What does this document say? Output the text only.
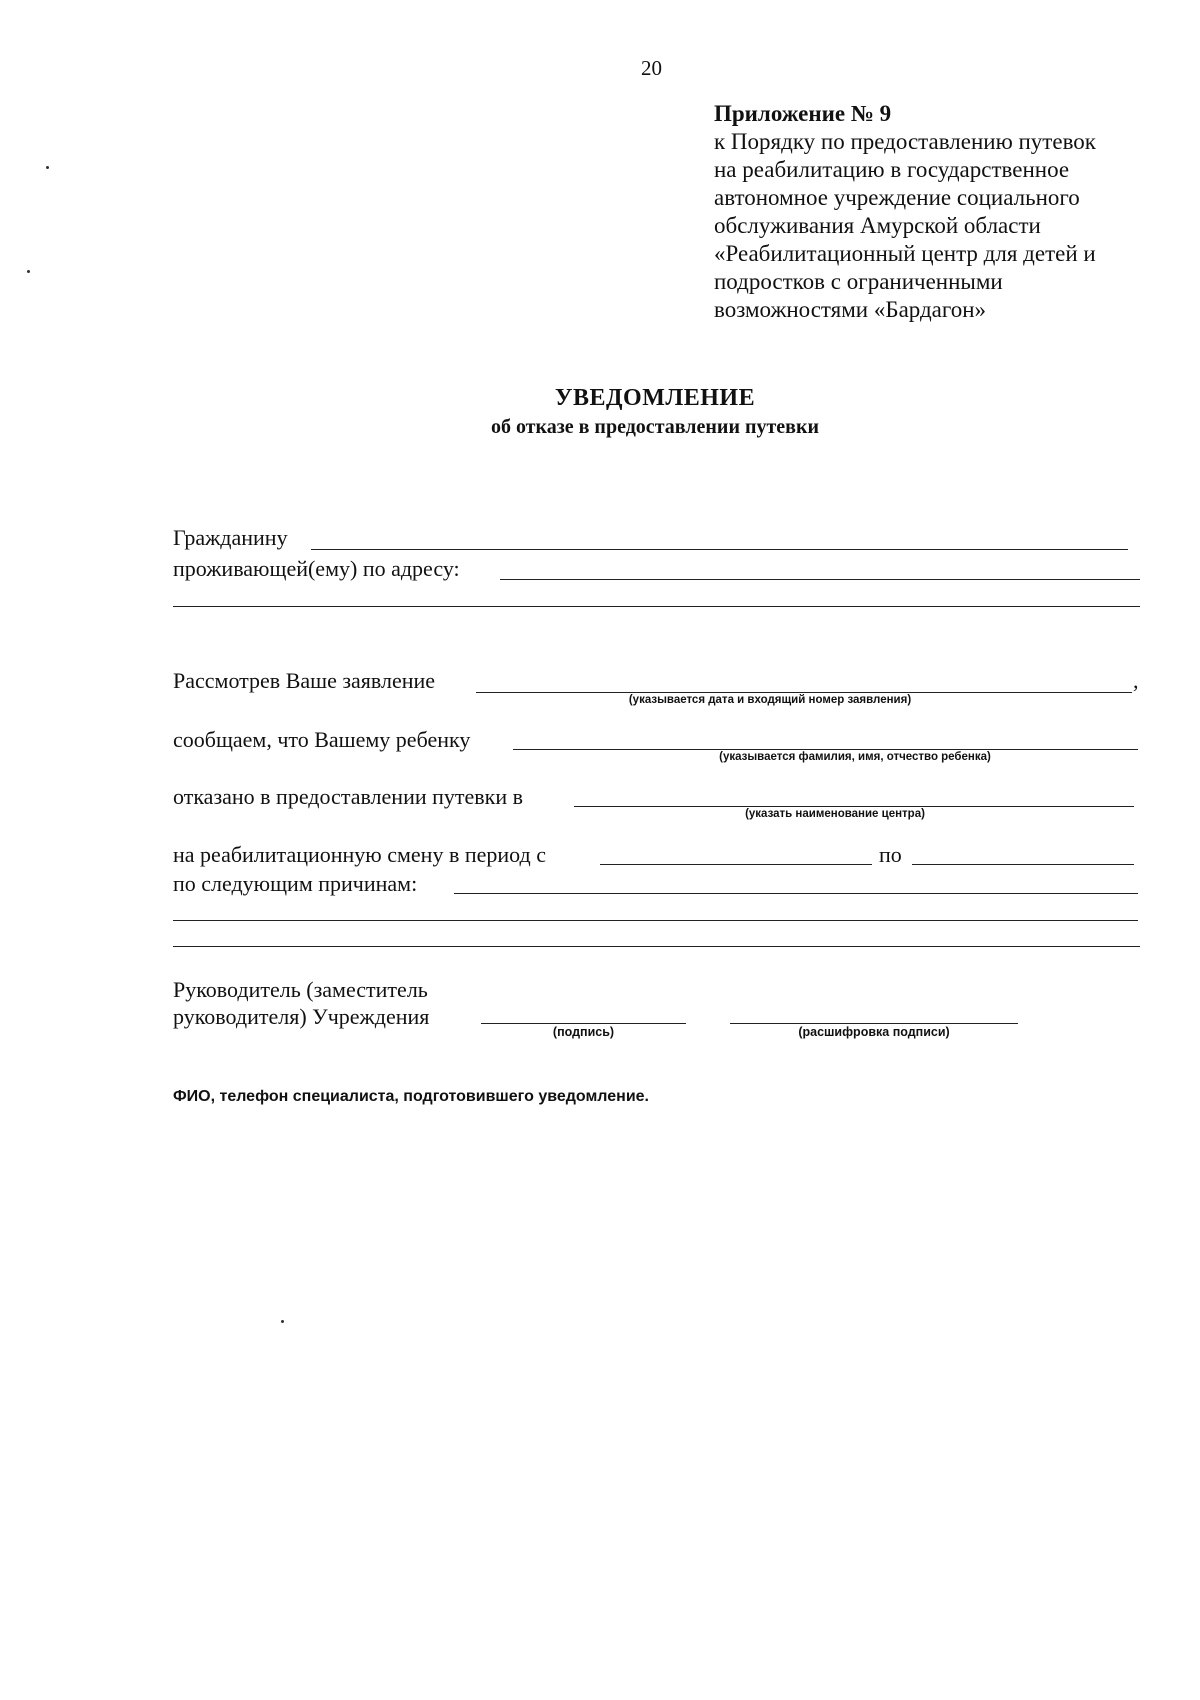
20
Приложение № 9
к Порядку по предоставлению путевок
на реабилитацию в государственное
автономное учреждение социального
обслуживания Амурской области
«Реабилитационный центр для детей и
подростков с ограниченными
возможностями «Бардагон»
УВЕДОМЛЕНИЕ
об отказе в предоставлении путевки
Гражданину
проживающей(ему) по адресу:
Рассмотрев Ваше заявление	,
(указывается дата и входящий номер заявления)
сообщаем, что Вашему ребенку
(указывается фамилия, имя, отчество ребенка)
отказано в предоставлении путевки в
(указать наименование центра)
на реабилитационную смену в период с	по
по следующим причинам:
Руководитель (заместитель
руководителя) Учреждения
(подпись)	(расшифровка подписи)
ФИО, телефон специалиста, подготовившего уведомление.
